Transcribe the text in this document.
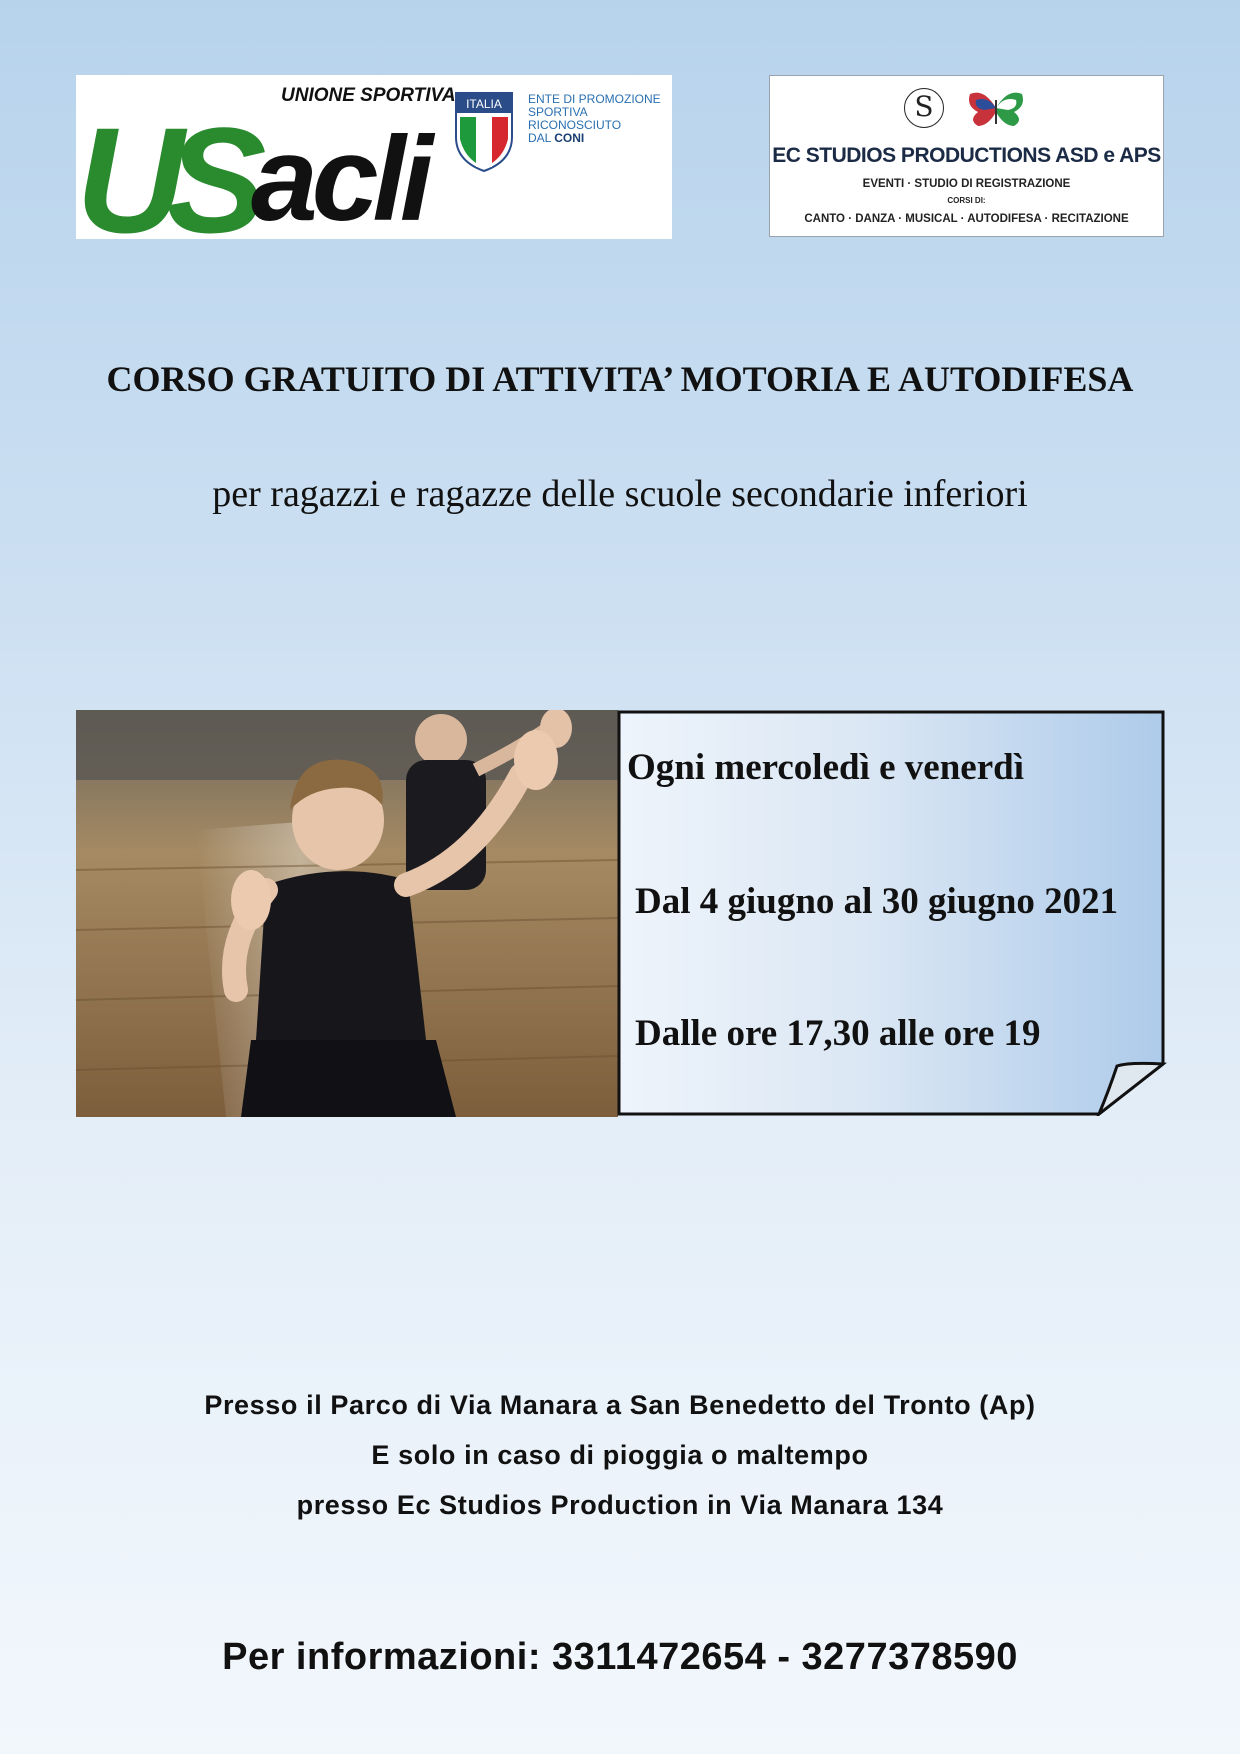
US acli
UNIONE SPORTIVA ITALIA ENTE DI PROMOZIONE
SPORTIVA
RICONOSCIUTO
DAL CONI
S
EC STUDIOS PRODUCTIONS ASD e APS
EVENTI · STUDIO DI REGISTRAZIONE
CORSI DI:
CANTO · DANZA · MUSICAL · AUTODIFESA · RECITAZIONE
CORSO GRATUITO DI ATTIVITA’ MOTORIA E AUTODIFESA
per ragazzi e ragazze delle scuole secondarie inferiori
Ogni mercoledì e venerdì
Dal 4 giugno al 30 giugno 2021
Dalle ore 17,30 alle ore 19
Presso il Parco di Via Manara a San Benedetto del Tronto (Ap)
E solo in caso di pioggia o maltempo
presso Ec Studios Production in Via Manara 134
Per informazioni: 3311472654 - 3277378590
